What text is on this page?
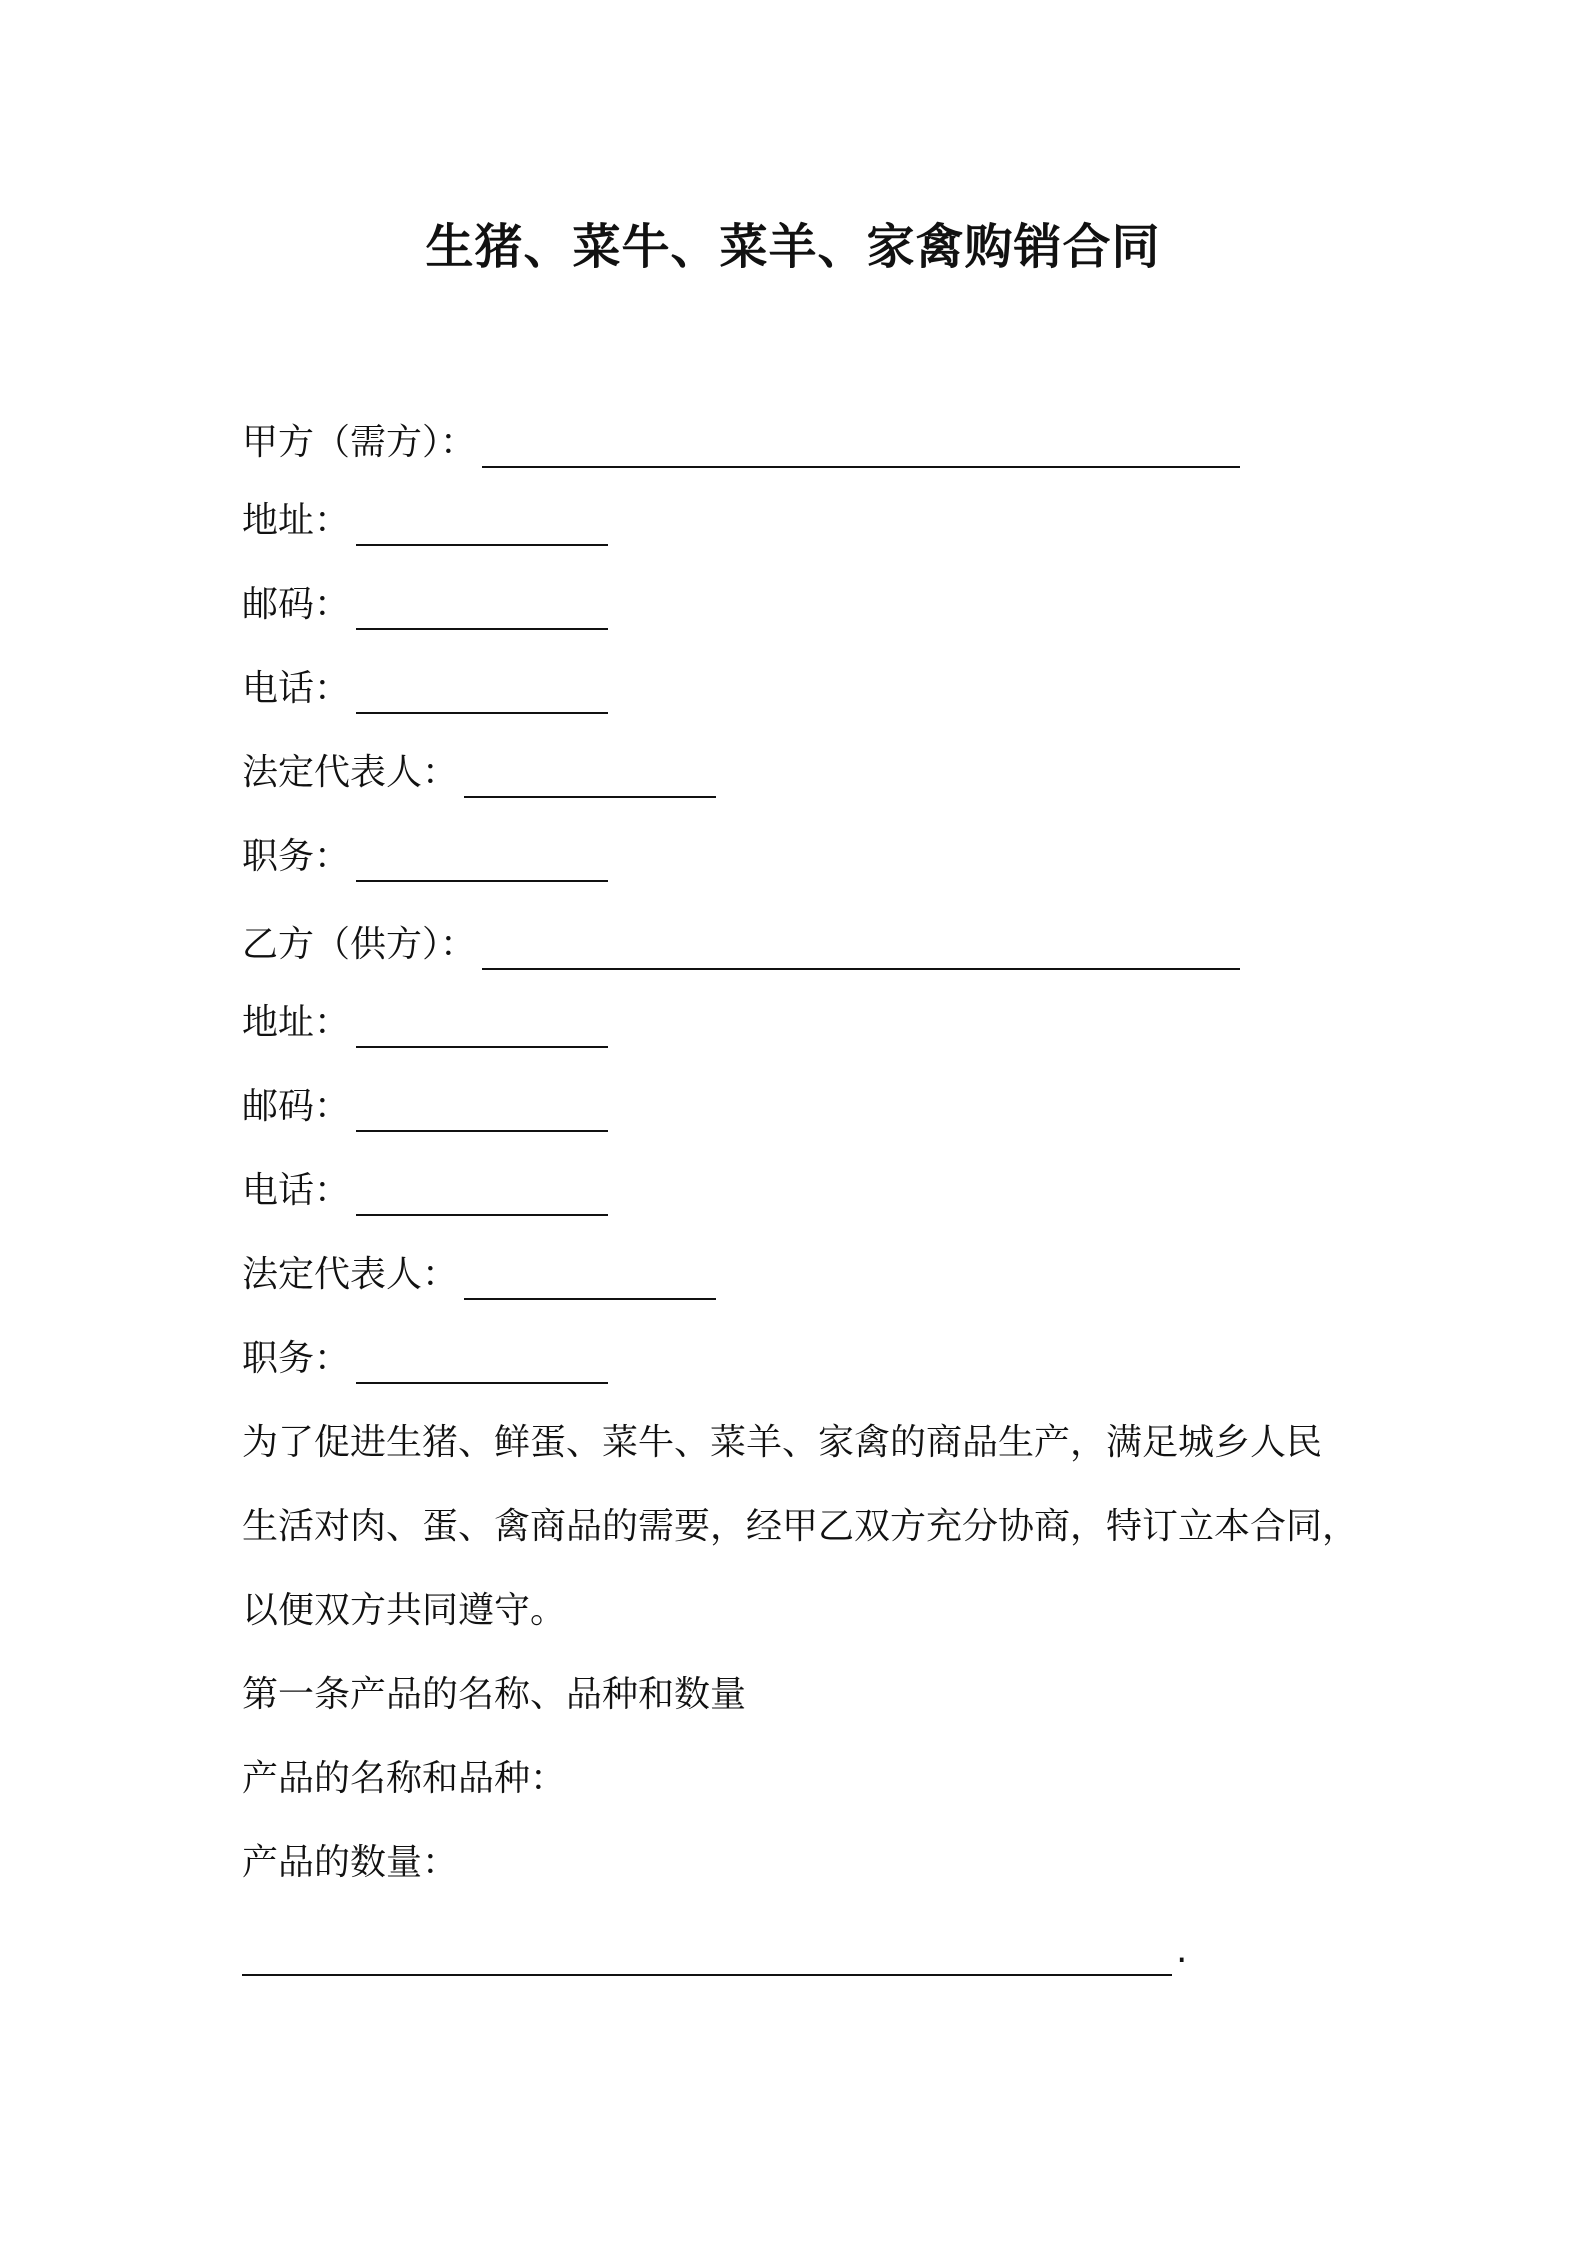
生猪、菜牛、菜羊、家禽购销合同
甲方（需方）：
地址：
邮码：
电话：
法定代表人：
职务：
乙方（供方）：
地址：
邮码：
电话：
法定代表人：
职务：
为了促进生猪、鲜蛋、菜牛、菜羊、家禽的商品生产，满足城乡人民
生活对肉、蛋、禽商品的需要，经甲乙双方充分协商，特订立本合同，
以便双方共同遵守。
第一条产品的名称、品种和数量
产品的名称和品种：
产品的数量：
.
